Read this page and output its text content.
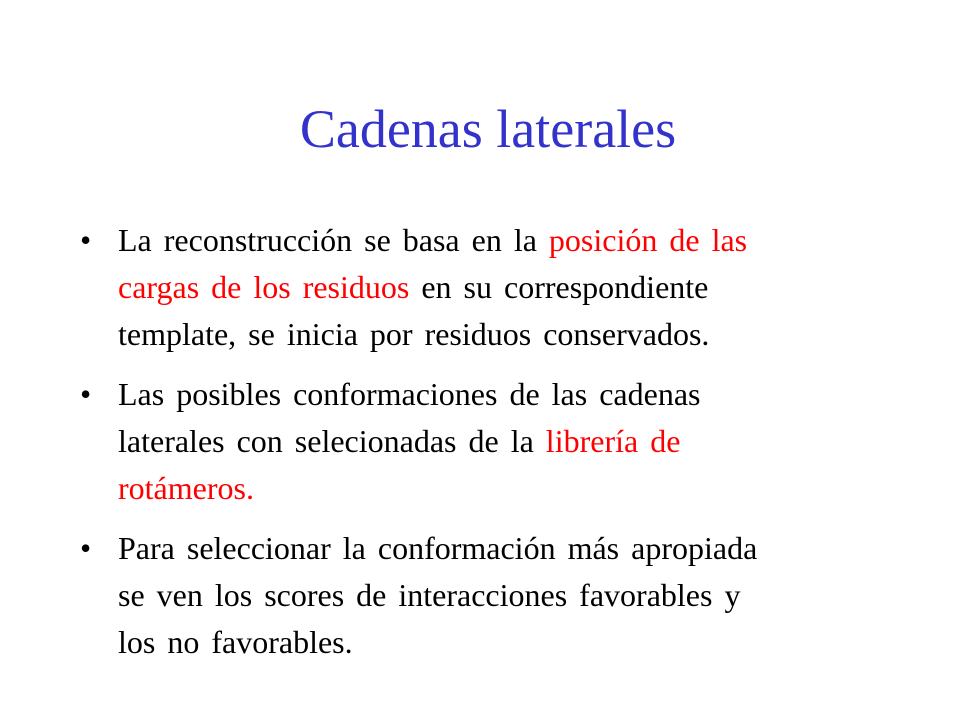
Cadenas laterales
• La reconstrucción se basa en la posición de las cargas de los residuos en su correspondiente template, se inicia por residuos conservados.
• Las posibles conformaciones de las cadenas laterales con selecionadas de la librería de rotámeros.
• Para seleccionar la conformación más apropiada se ven los scores de interacciones favorables y los no favorables.
